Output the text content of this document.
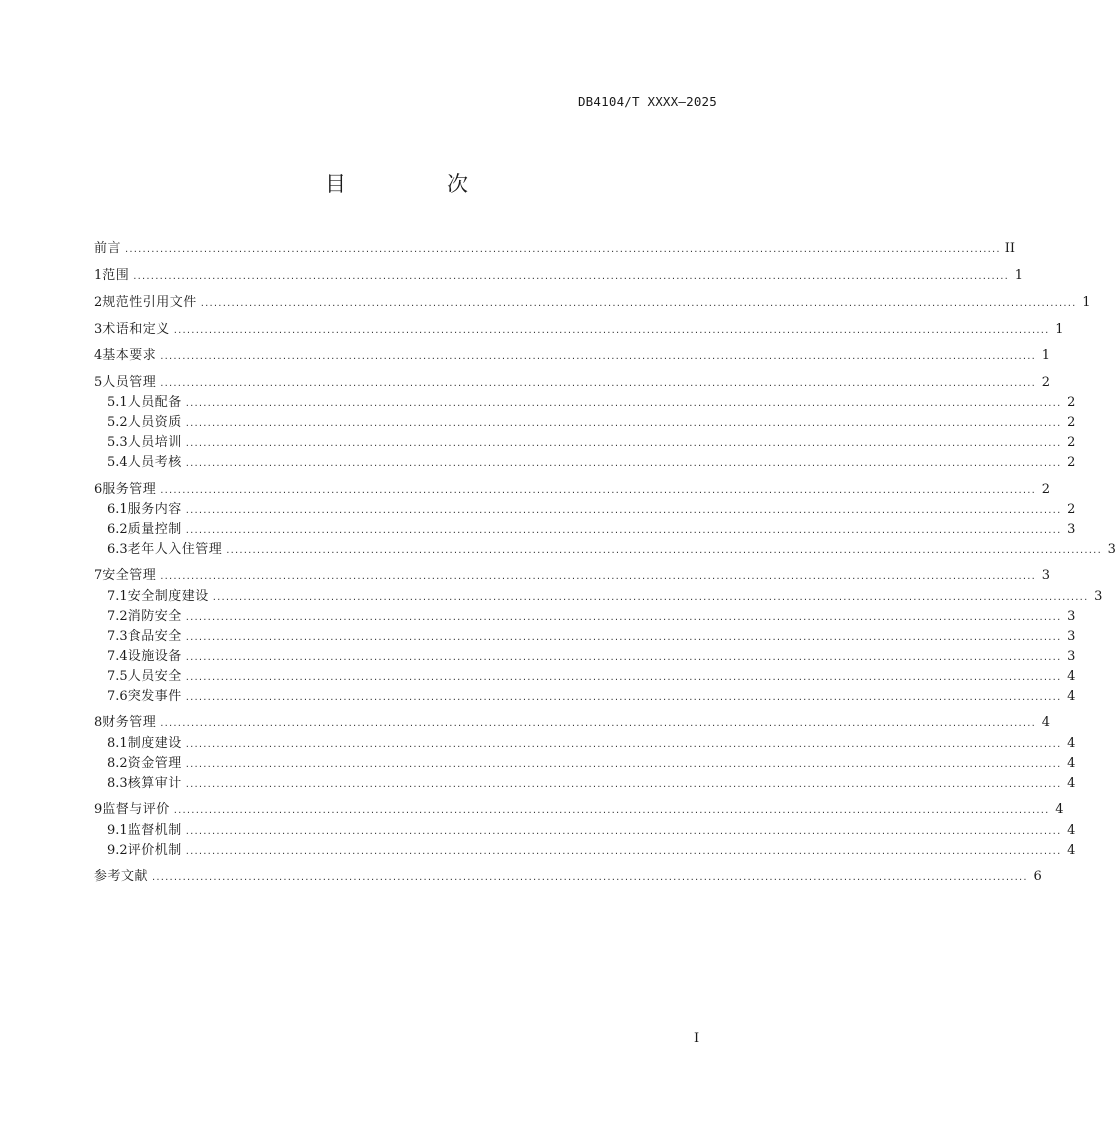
DB4104/T XXXX—2025
目　次
前言 ........................................................................................................................................................................................................ II
1 范围 ........................................................................................................................................................................................................ 1
2 规范性引用文件 ........................................................................................................................................................................................................ 1
3 术语和定义 ........................................................................................................................................................................................................ 1
4 基本要求 ........................................................................................................................................................................................................ 1
5 人员管理 ........................................................................................................................................................................................................ 2
5.1 人员配备 ........................................................................................................................................................................................................ 2
5.2 人员资质 ........................................................................................................................................................................................................ 2
5.3 人员培训 ........................................................................................................................................................................................................ 2
5.4 人员考核 ........................................................................................................................................................................................................ 2
6 服务管理 ........................................................................................................................................................................................................ 2
6.1 服务内容 ........................................................................................................................................................................................................ 2
6.2 质量控制 ........................................................................................................................................................................................................ 3
6.3 老年人入住管理 ........................................................................................................................................................................................................ 3
7 安全管理 ........................................................................................................................................................................................................ 3
7.1 安全制度建设 ........................................................................................................................................................................................................ 3
7.2 消防安全 ........................................................................................................................................................................................................ 3
7.3 食品安全 ........................................................................................................................................................................................................ 3
7.4 设施设备 ........................................................................................................................................................................................................ 3
7.5 人员安全 ........................................................................................................................................................................................................ 4
7.6 突发事件 ........................................................................................................................................................................................................ 4
8 财务管理 ........................................................................................................................................................................................................ 4
8.1 制度建设 ........................................................................................................................................................................................................ 4
8.2 资金管理 ........................................................................................................................................................................................................ 4
8.3 核算审计 ........................................................................................................................................................................................................ 4
9 监督与评价 ........................................................................................................................................................................................................ 4
9.1 监督机制 ........................................................................................................................................................................................................ 4
9.2 评价机制 ........................................................................................................................................................................................................ 4
参考文献 ........................................................................................................................................................................................................ 6
I
